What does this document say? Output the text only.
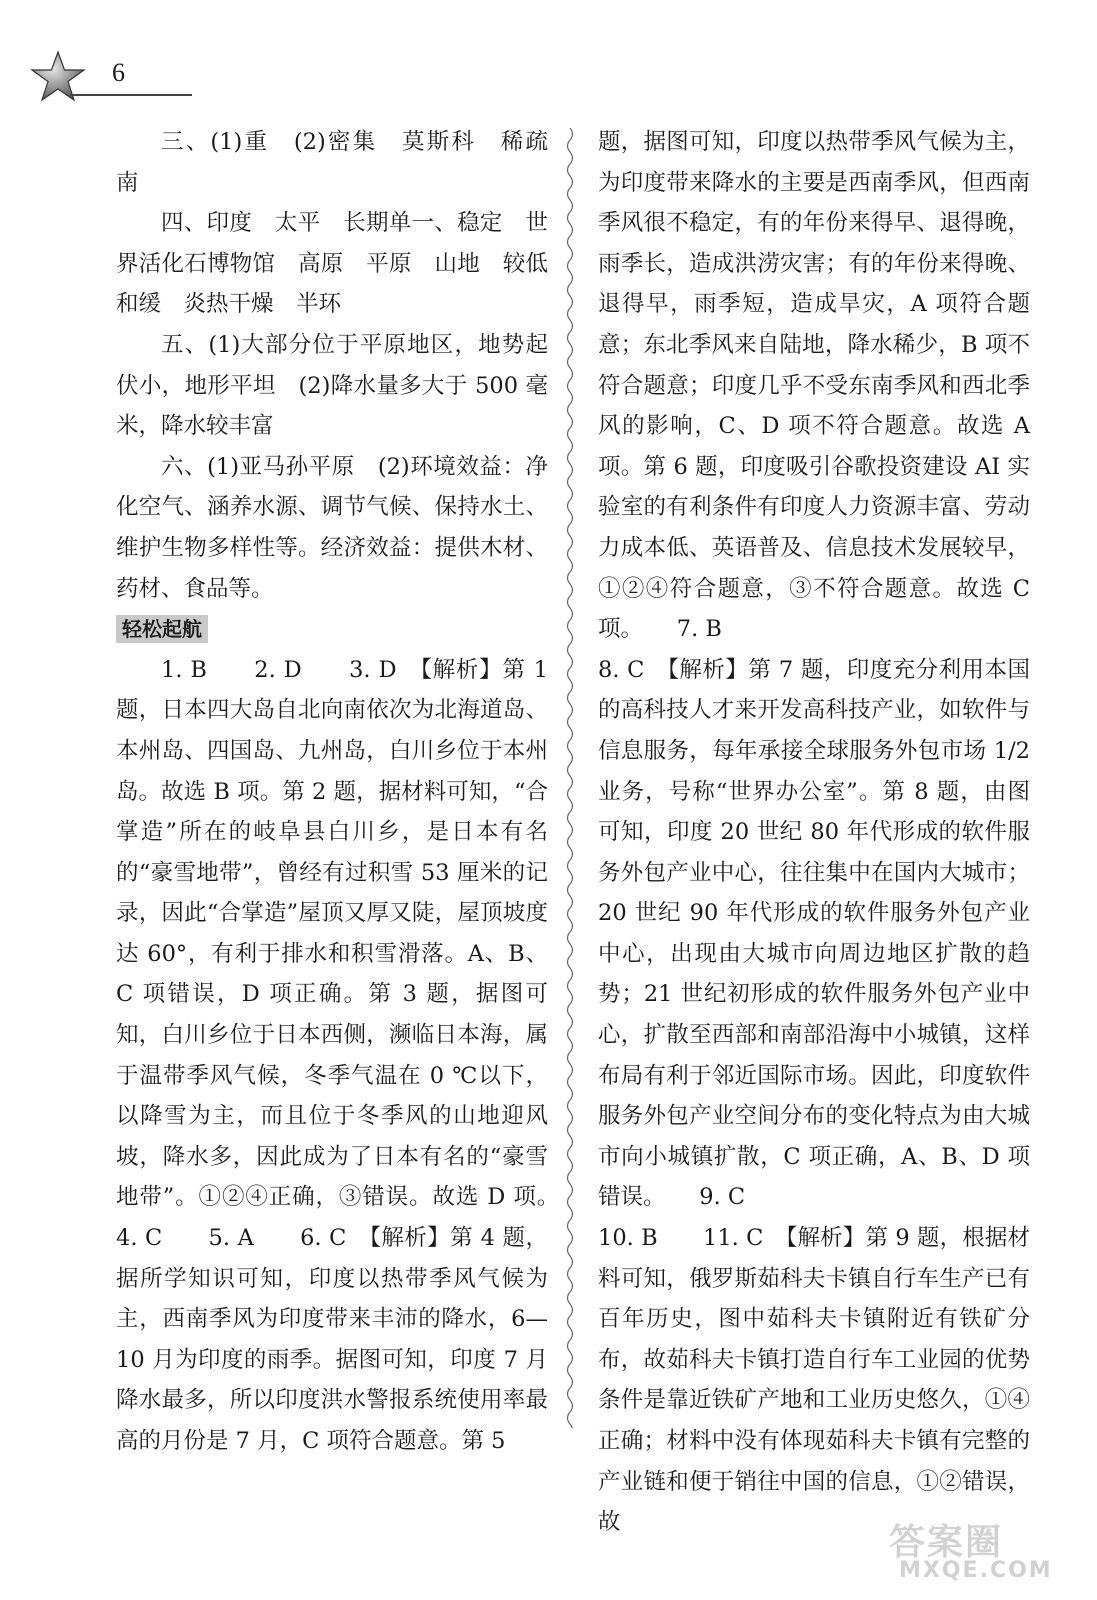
6

三、(1)重　(2)密集　莫斯科　稀疏　南

四、印度　太平　长期单一、稳定　世界活化石博物馆　高原　平原　山地　较低　和缓　炎热干燥　半环

五、(1)大部分位于平原地区，地势起伏小，地形平坦　(2)降水量多大于 500 毫米，降水较丰富

六、(1)亚马孙平原　(2)环境效益：净化空气、涵养水源、调节气候、保持水土、维护生物多样性等。经济效益：提供木材、药材、食品等。

轻松起航

1. B　　2. D　　3. D　【解析】第 1 题，日本四大岛自北向南依次为北海道岛、本州岛、四国岛、九州岛，白川乡位于本州岛。故选 B 项。第 2 题，据材料可知，“合掌造”所在的岐阜县白川乡，是日本有名的“豪雪地带”，曾经有过积雪 53 厘米的记录，因此“合掌造”屋顶又厚又陡，屋顶坡度达 60°，有利于排水和积雪滑落。A、B、C 项错误，D 项正确。第 3 题，据图可知，白川乡位于日本西侧，濒临日本海，属于温带季风气候，冬季气温在 0 ℃以下，以降雪为主，而且位于冬季风的山地迎风坡，降水多，因此成为了日本有名的“豪雪地带”。①②④正确，③错误。故选 D 项。　　4. C　　5. A　　6. C　【解析】第 4 题，据所学知识可知，印度以热带季风气候为主，西南季风为印度带来丰沛的降水，6—10 月为印度的雨季。据图可知，印度 7 月降水最多，所以印度洪水警报系统使用率最高的月份是 7 月，C 项符合题意。第 5

题，据图可知，印度以热带季风气候为主，为印度带来降水的主要是西南季风，但西南季风很不稳定，有的年份来得早、退得晚，雨季长，造成洪涝灾害；有的年份来得晚、退得早，雨季短，造成旱灾，A 项符合题意；东北季风来自陆地，降水稀少，B 项不符合题意；印度几乎不受东南季风和西北季风的影响，C、D 项不符合题意。故选 A 项。第 6 题，印度吸引谷歌投资建设 AI 实验室的有利条件有印度人力资源丰富、劳动力成本低、英语普及、信息技术发展较早，①②④符合题意，③不符合题意。故选 C 项。　　7. B

8. C　【解析】第 7 题，印度充分利用本国的高科技人才来开发高科技产业，如软件与信息服务，每年承接全球服务外包市场 1/2 业务，号称“世界办公室”。第 8 题，由图可知，印度 20 世纪 80 年代形成的软件服务外包产业中心，往往集中在国内大城市；20 世纪 90 年代形成的软件服务外包产业中心，出现由大城市向周边地区扩散的趋势；21 世纪初形成的软件服务外包产业中心，扩散至西部和南部沿海中小城镇，这样布局有利于邻近国际市场。因此，印度软件服务外包产业空间分布的变化特点为由大城市向小城镇扩散，C 项正确，A、B、D 项错误。　　9. C

10. B　　11. C　【解析】第 9 题，根据材料可知，俄罗斯茹科夫卡镇自行车生产已有百年历史，图中茹科夫卡镇附近有铁矿分布，故茹科夫卡镇打造自行车工业园的优势条件是靠近铁矿产地和工业历史悠久，①④正确；材料中没有体现茹科夫卡镇有完整的产业链和便于销往中国的信息，①②错误，故	答案圈
MXQE.COM
